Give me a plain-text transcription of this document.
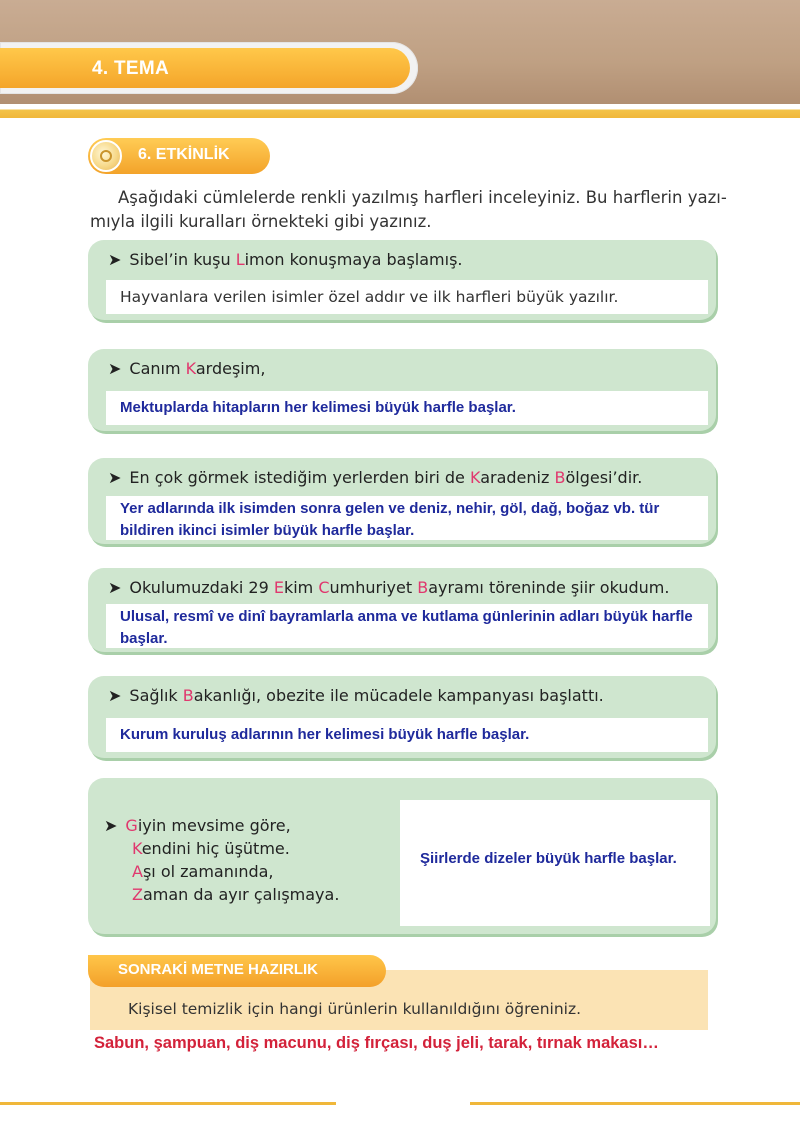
4. TEMA
6. ETKİNLİK
Aşağıdaki cümlelerde renkli yazılmış harfleri inceleyiniz. Bu harflerin yazı-
mıyla ilgili kuralları örnekteki gibi yazınız.
➤ Sibel’in kuşu Limon konuşmaya başlamış.
Hayvanlara verilen isimler özel addır ve ilk harfleri büyük yazılır.
➤ Canım Kardeşim,
Mektuplarda hitapların her kelimesi büyük harfle başlar.
➤ En çok görmek istediğim yerlerden biri de Karadeniz Bölgesi’dir.
Yer adlarında ilk isimden sonra gelen ve deniz, nehir, göl, dağ, boğaz vb. tür bildiren ikinci isimler büyük harfle başlar.
➤ Okulumuzdaki 29 Ekim Cumhuriyet Bayramı töreninde şiir okudum.
Ulusal, resmî ve dinî bayramlarla anma ve kutlama günlerinin adları büyük harfle başlar.
➤ Sağlık Bakanlığı, obezite ile mücadele kampanyası başlattı.
Kurum kuruluş adlarının her kelimesi büyük harfle başlar.
➤ Giyin mevsime göre,
Kendini hiç üşütme.
Aşı ol zamanında,
Zaman da ayır çalışmaya.
Şiirlerde dizeler büyük harfle başlar.
SONRAKİ METNE HAZIRLIK
Kişisel temizlik için hangi ürünlerin kullanıldığını öğreniniz.
Sabun, şampuan, diş macunu, diş fırçası, duş jeli, tarak, tırnak makası…
